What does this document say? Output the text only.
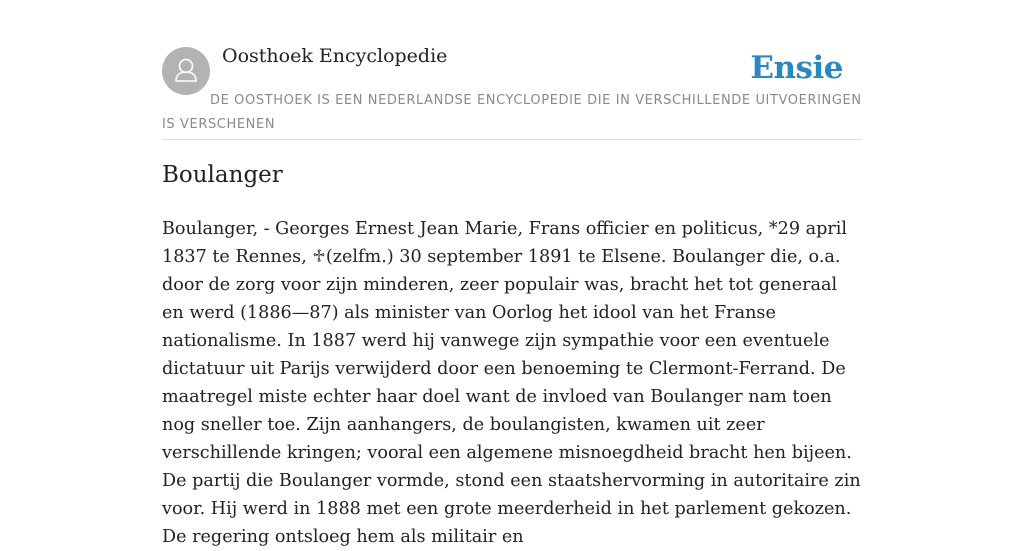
Oosthoek Encyclopedie	Ensie

DE OOSTHOEK IS EEN NEDERLANDSE ENCYCLOPEDIE DIE IN VERSCHILLENDE UITVOERINGEN IS VERSCHENEN

Boulanger

Boulanger, - Georges Ernest Jean Marie, Frans officier en politicus, *29 april 1837 te Rennes, ♱(zelfm.) 30 september 1891 te Elsene. Boulanger die, o.a. door de zorg voor zijn minderen, zeer populair was, bracht het tot generaal en werd (1886—87) als minister van Oorlog het idool van het Franse nationalisme. In 1887 werd hij vanwege zijn sympathie voor een eventuele dictatuur uit Parijs verwijderd door een benoeming te Clermont-Ferrand. De maatregel miste echter haar doel want de invloed van Boulanger nam toen nog sneller toe. Zijn aanhangers, de boulangisten, kwamen uit zeer verschillende kringen; vooral een algemene misnoegdheid bracht hen bijeen. De partij die Boulanger vormde, stond een staatshervorming in autoritaire zin voor. Hij werd in 1888 met een grote meerderheid in het parlement gekozen. De regering ontsloeg hem als militair en
